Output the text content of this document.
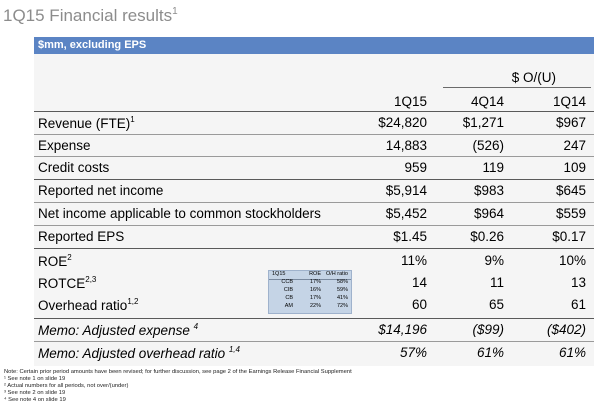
1Q15 Financial results$^1$
$mm, excluding EPS
$ O/(U)
1Q15	4Q14	1Q14
Revenue (FTE)$^1$	$24,820	$1,271	$967
Expense	14,883	(526)	247
Credit costs	959	119	109
Reported net income	$5,914	$983	$645
Net income applicable to common stockholders	$5,452	$964	$559
Reported EPS	$1.45	$0.26	$0.17
ROE$^2$	11%	9%	10%
ROTCE$^{2,3}$	14	11	13
Overhead ratio$^{1,2}$	60	65	61
Memo: Adjusted expense $^4$	$14,196	($99)	($402)
Memo: Adjusted overhead ratio $^{1,4}$	57%	61%	61%
1Q15	ROE O/H ratio
CCB	17%	58%
CIB	16%	59%
CB	17%	41%
AM	22%	72%
Note: Certain prior period amounts have been revised; for further discussion, see page 2 of the Earnings Release Financial Supplement
¹ See note 1 on slide 19
² Actual numbers for all periods, not over/(under)
³ See note 2 on slide 19
⁴ See note 4 on slide 19
